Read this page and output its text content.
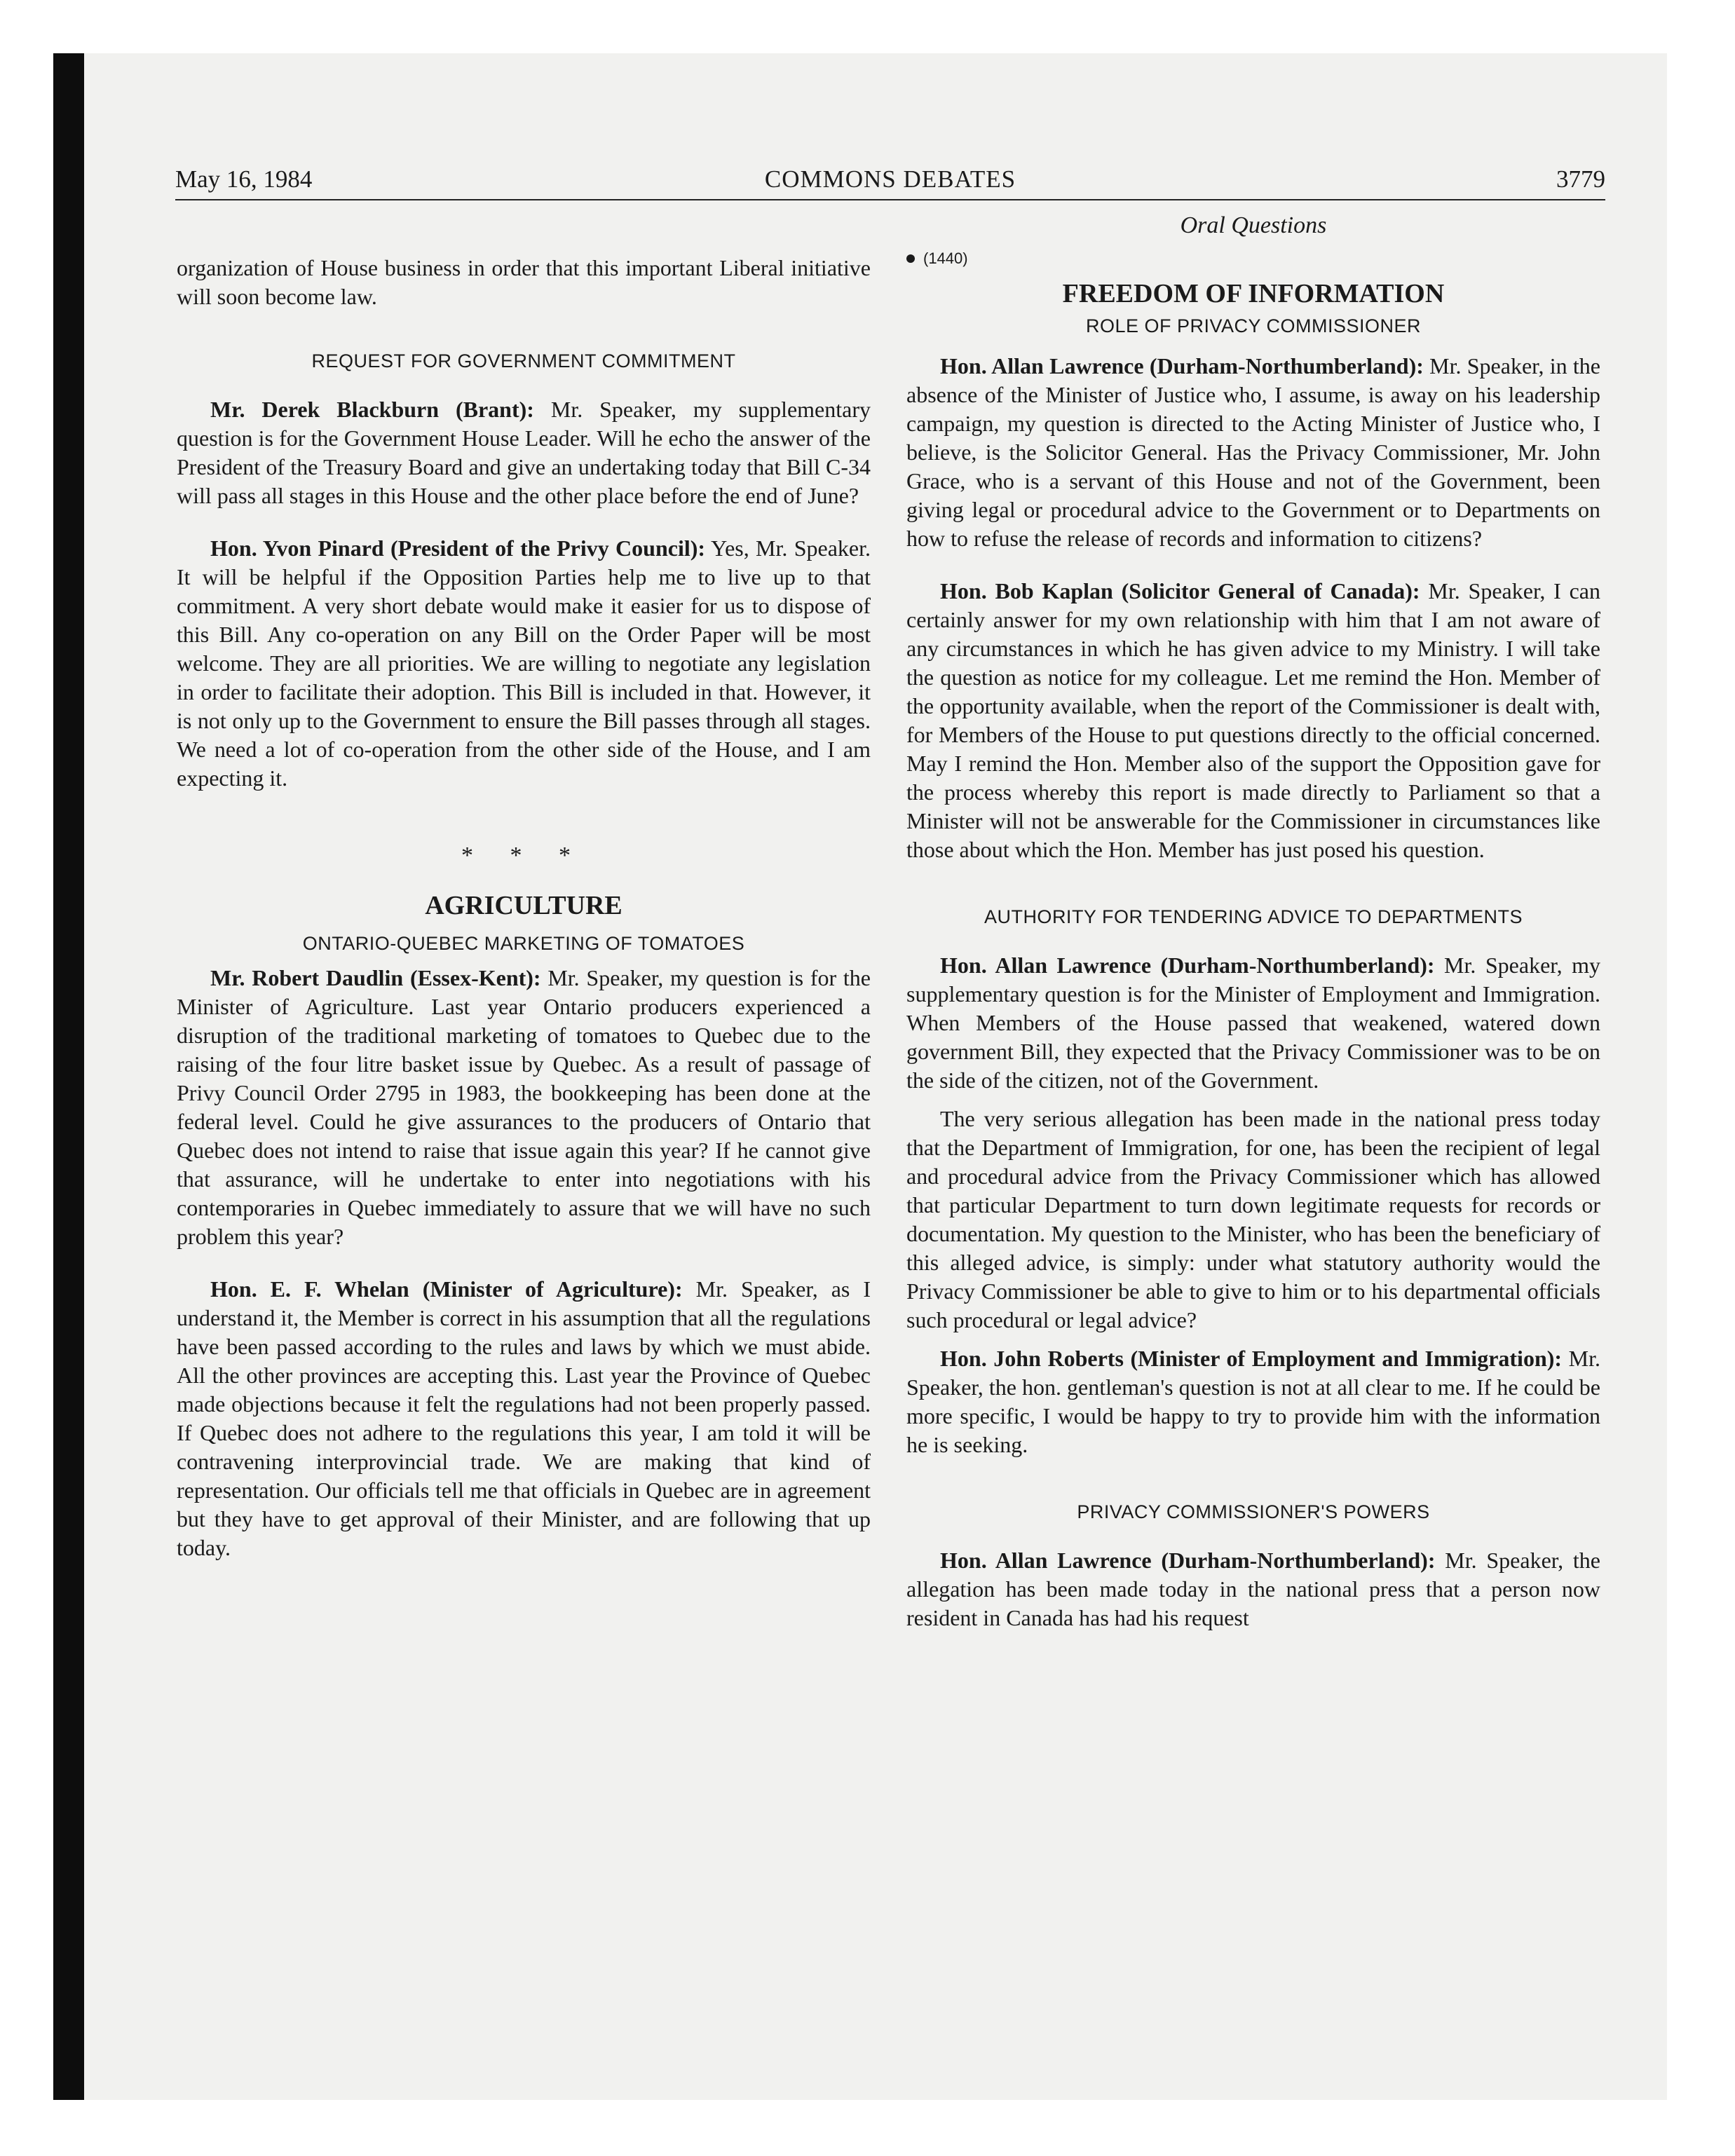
May 16, 1984	COMMONS DEBATES	3779

organization of House business in order that this important Liberal initiative will soon become law.

REQUEST FOR GOVERNMENT COMMITMENT

Mr. Derek Blackburn (Brant): Mr. Speaker, my supplementary question is for the Government House Leader. Will he echo the answer of the President of the Treasury Board and give an undertaking today that Bill C-34 will pass all stages in this House and the other place before the end of June?

Hon. Yvon Pinard (President of the Privy Council): Yes, Mr. Speaker. It will be helpful if the Opposition Parties help me to live up to that commitment. A very short debate would make it easier for us to dispose of this Bill. Any co-operation on any Bill on the Order Paper will be most welcome. They are all priorities. We are willing to negotiate any legislation in order to facilitate their adoption. This Bill is included in that. However, it is not only up to the Government to ensure the Bill passes through all stages. We need a lot of co-operation from the other side of the House, and I am expecting it.

* * *

AGRICULTURE

ONTARIO-QUEBEC MARKETING OF TOMATOES

Mr. Robert Daudlin (Essex-Kent): Mr. Speaker, my question is for the Minister of Agriculture. Last year Ontario producers experienced a disruption of the traditional marketing of tomatoes to Quebec due to the raising of the four litre basket issue by Quebec. As a result of passage of Privy Council Order 2795 in 1983, the bookkeeping has been done at the federal level. Could he give assurances to the producers of Ontario that Quebec does not intend to raise that issue again this year? If he cannot give that assurance, will he undertake to enter into negotiations with his contemporaries in Quebec immediately to assure that we will have no such problem this year?

Hon. E. F. Whelan (Minister of Agriculture): Mr. Speaker, as I understand it, the Member is correct in his assumption that all the regulations have been passed according to the rules and laws by which we must abide. All the other provinces are accepting this. Last year the Province of Quebec made objections because it felt the regulations had not been properly passed. If Quebec does not adhere to the regulations this year, I am told it will be contravening interprovincial trade. We are making that kind of representation. Our officials tell me that officials in Quebec are in agreement but they have to get approval of their Minister, and are following that up today.

Oral Questions

(1440)

FREEDOM OF INFORMATION

ROLE OF PRIVACY COMMISSIONER

Hon. Allan Lawrence (Durham-Northumberland): Mr. Speaker, in the absence of the Minister of Justice who, I assume, is away on his leadership campaign, my question is directed to the Acting Minister of Justice who, I believe, is the Solicitor General. Has the Privacy Commissioner, Mr. John Grace, who is a servant of this House and not of the Government, been giving legal or procedural advice to the Government or to Departments on how to refuse the release of records and information to citizens?

Hon. Bob Kaplan (Solicitor General of Canada): Mr. Speaker, I can certainly answer for my own relationship with him that I am not aware of any circumstances in which he has given advice to my Ministry. I will take the question as notice for my colleague. Let me remind the Hon. Member of the opportunity available, when the report of the Commissioner is dealt with, for Members of the House to put questions directly to the official concerned. May I remind the Hon. Member also of the support the Opposition gave for the process whereby this report is made directly to Parliament so that a Minister will not be answerable for the Commissioner in circumstances like those about which the Hon. Member has just posed his question.

AUTHORITY FOR TENDERING ADVICE TO DEPARTMENTS

Hon. Allan Lawrence (Durham-Northumberland): Mr. Speaker, my supplementary question is for the Minister of Employment and Immigration. When Members of the House passed that weakened, watered down government Bill, they expected that the Privacy Commissioner was to be on the side of the citizen, not of the Government.

The very serious allegation has been made in the national press today that the Department of Immigration, for one, has been the recipient of legal and procedural advice from the Privacy Commissioner which has allowed that particular Department to turn down legitimate requests for records or documentation. My question to the Minister, who has been the beneficiary of this alleged advice, is simply: under what statutory authority would the Privacy Commissioner be able to give to him or to his departmental officials such procedural or legal advice?

Hon. John Roberts (Minister of Employment and Immigration): Mr. Speaker, the hon. gentleman's question is not at all clear to me. If he could be more specific, I would be happy to try to provide him with the information he is seeking.

PRIVACY COMMISSIONER'S POWERS

Hon. Allan Lawrence (Durham-Northumberland): Mr. Speaker, the allegation has been made today in the national press that a person now resident in Canada has had his request
